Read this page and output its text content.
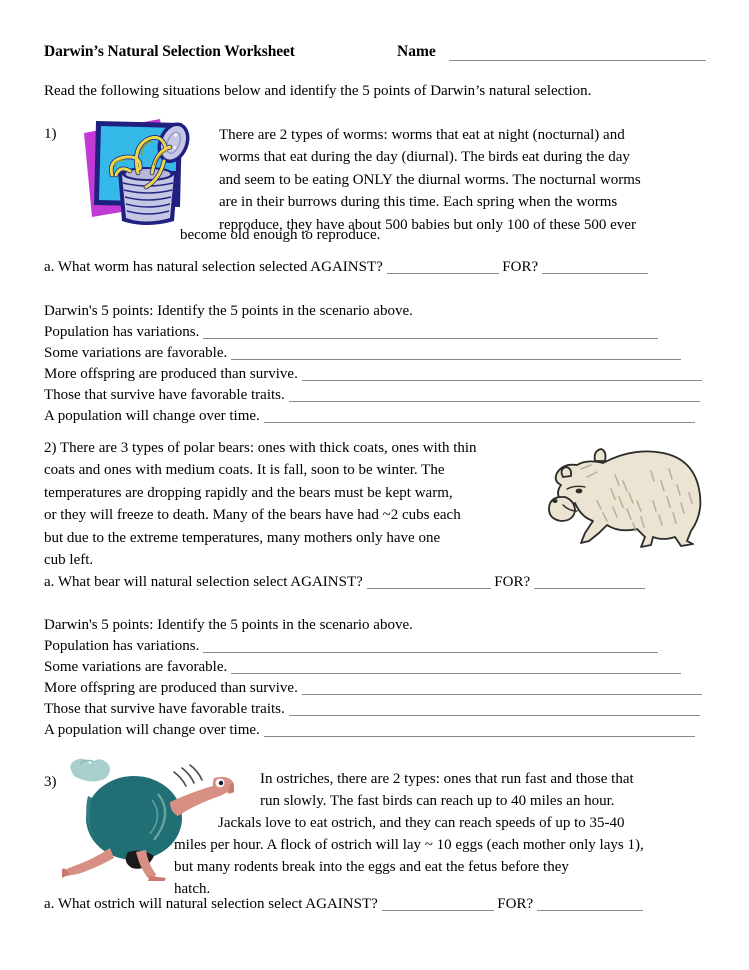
Darwin’s Natural Selection Worksheet	Name
Read the following situations below and identify the 5 points of Darwin’s natural selection.
1)	There are 2 types of worms: worms that eat at night (nocturnal) and
worms that eat during the day (diurnal). The birds eat during the day
and seem to be eating ONLY the diurnal worms. The nocturnal worms
are in their burrows during this time. Each spring when the worms
reproduce, they have about 500 babies but only 100 of these 500 ever
become old enough to reproduce.
a. What worm has natural selection selected AGAINST?	FOR?
Darwin's 5 points: Identify the 5 points in the scenario above.
Population has variations.
Some variations are favorable.
More offspring are produced than survive.
Those that survive have favorable traits.
A population will change over time.
2) There are 3 types of polar bears: ones with thick coats, ones with thin
coats and ones with medium coats. It is fall, soon to be winter. The
temperatures are dropping rapidly and the bears must be kept warm,
or they will freeze to death. Many of the bears have had ~2 cubs each
but due to the extreme temperatures, many mothers only have one
cub left.
a. What bear will natural selection select AGAINST?	FOR?
Darwin's 5 points: Identify the 5 points in the scenario above.
Population has variations.
Some variations are favorable.
More offspring are produced than survive.
Those that survive have favorable traits.
A population will change over time.
3)	In ostriches, there are 2 types: ones that run fast and those that
run slowly. The fast birds can reach up to 40 miles an hour.
Jackals love to eat ostrich, and they can reach speeds of up to 35-40
miles per hour. A flock of ostrich will lay ~ 10 eggs (each mother only lays 1),
but many rodents break into the eggs and eat the fetus before they
hatch.
a. What ostrich will natural selection select AGAINST?	FOR?
